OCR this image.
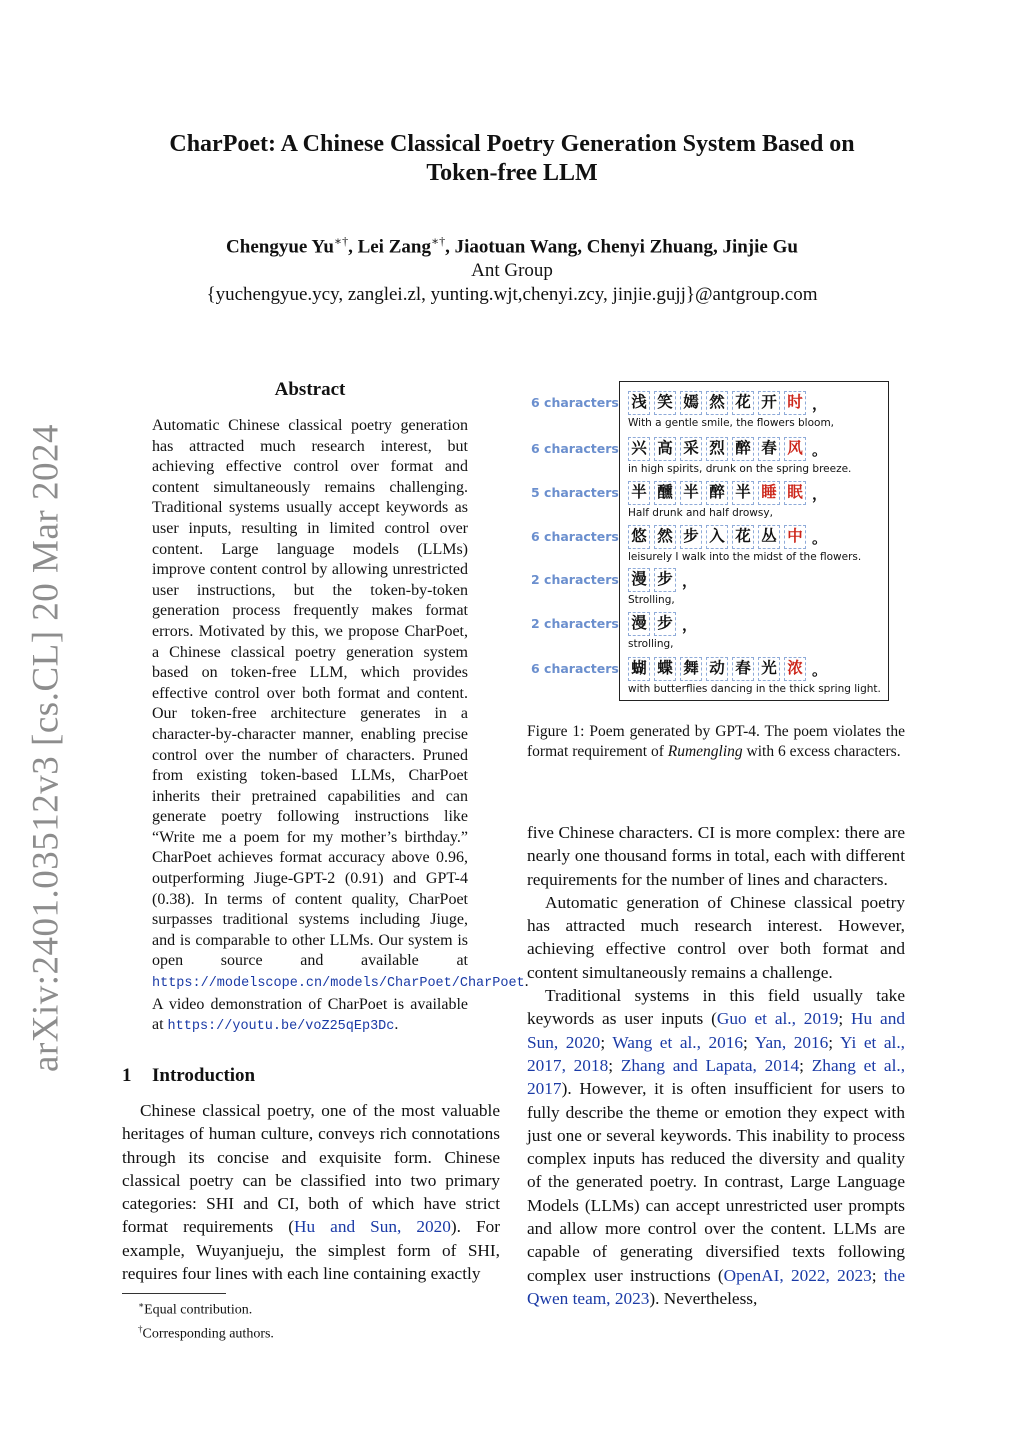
arXiv:2401.03512v3 [cs.CL] 20 Mar 2024
CharPoet: A Chinese Classical Poetry Generation System Based on
Token-free LLM
Chengyue Yu∗†, Lei Zang∗†, Jiaotuan Wang, Chenyi Zhuang, Jinjie Gu
Ant Group
{yuchengyue.ycy, zanglei.zl, yunting.wjt,chenyi.zcy, jinjie.gujj}@antgroup.com
Abstract

Automatic Chinese classical poetry generation has attracted much research interest, but achieving effective control over format and content simultaneously remains challenging. Traditional systems usually accept keywords as user inputs, resulting in limited control over content. Large language models (LLMs) improve content control by allowing unrestricted user instructions, but the token-by-token generation process frequently makes format errors. Motivated by this, we propose CharPoet, a Chinese classical poetry generation system based on token-free LLM, which provides effective control over both format and content. Our token-free architecture generates in a character-by-character manner, enabling precise control over the number of characters. Pruned from existing token-based LLMs, CharPoet inherits their pretrained capabilities and can generate poetry following instructions like “Write me a poem for my mother’s birthday.” CharPoet achieves format accuracy above 0.96, outperforming Jiuge-GPT-2 (0.91) and GPT-4 (0.38). In terms of content quality, CharPoet surpasses traditional systems including Jiuge, and is comparable to other LLMs. Our system is open source and available at https://modelscope.cn/models/CharPoet/CharPoet. A video demonstration of CharPoet is available at https://youtu.be/voZ25qEp3Dc.

1 Introduction

Chinese classical poetry, one of the most valuable heritages of human culture, conveys rich connotations through its concise and exquisite form. Chinese classical poetry can be classified into two primary categories: SHI and CI, both of which have strict format requirements (Hu and Sun, 2020). For example, Wuyanjueju, the simplest form of SHI, requires four lines with each line containing exactly

∗Equal contribution.
†Corresponding authors.
6 characters
6 characters
5 characters
6 characters
2 characters
2 characters
6 characters
浅 笑 嫣 然 花 开 时 ，
With a gentle smile, the flowers bloom,
兴 高 采 烈 醉 春 风 。
in high spirits, drunk on the spring breeze.
半 醺 半 醉 半 睡 眠 ，
Half drunk and half drowsy,
悠 然 步 入 花 丛 中 。
leisurely I walk into the midst of the flowers.
漫 步 ，
Strolling,
漫 步 ，
strolling,
蝴 蝶 舞 动 春 光 浓 。
with butterflies dancing in the thick spring light.
Figure 1: Poem generated by GPT-4. The poem violates the format requirement of Rumengling with 6 excess characters.

five Chinese characters. CI is more complex: there are nearly one thousand forms in total, each with different requirements for the number of lines and characters.

Automatic generation of Chinese classical poetry has attracted much research interest. However, achieving effective control over both format and content simultaneously remains a challenge.

Traditional systems in this field usually take keywords as user inputs (Guo et al., 2019; Hu and Sun, 2020; Wang et al., 2016; Yan, 2016; Yi et al., 2017, 2018; Zhang and Lapata, 2014; Zhang et al., 2017). However, it is often insufficient for users to fully describe the theme or emotion they expect with just one or several keywords. This inability to process complex inputs has reduced the diversity and quality of the generated poetry. In contrast, Large Language Models (LLMs) can accept unrestricted user prompts and allow more control over the content. LLMs are capable of generating diversified texts following complex user instructions (OpenAI, 2022, 2023; the Qwen team, 2023). Nevertheless,
